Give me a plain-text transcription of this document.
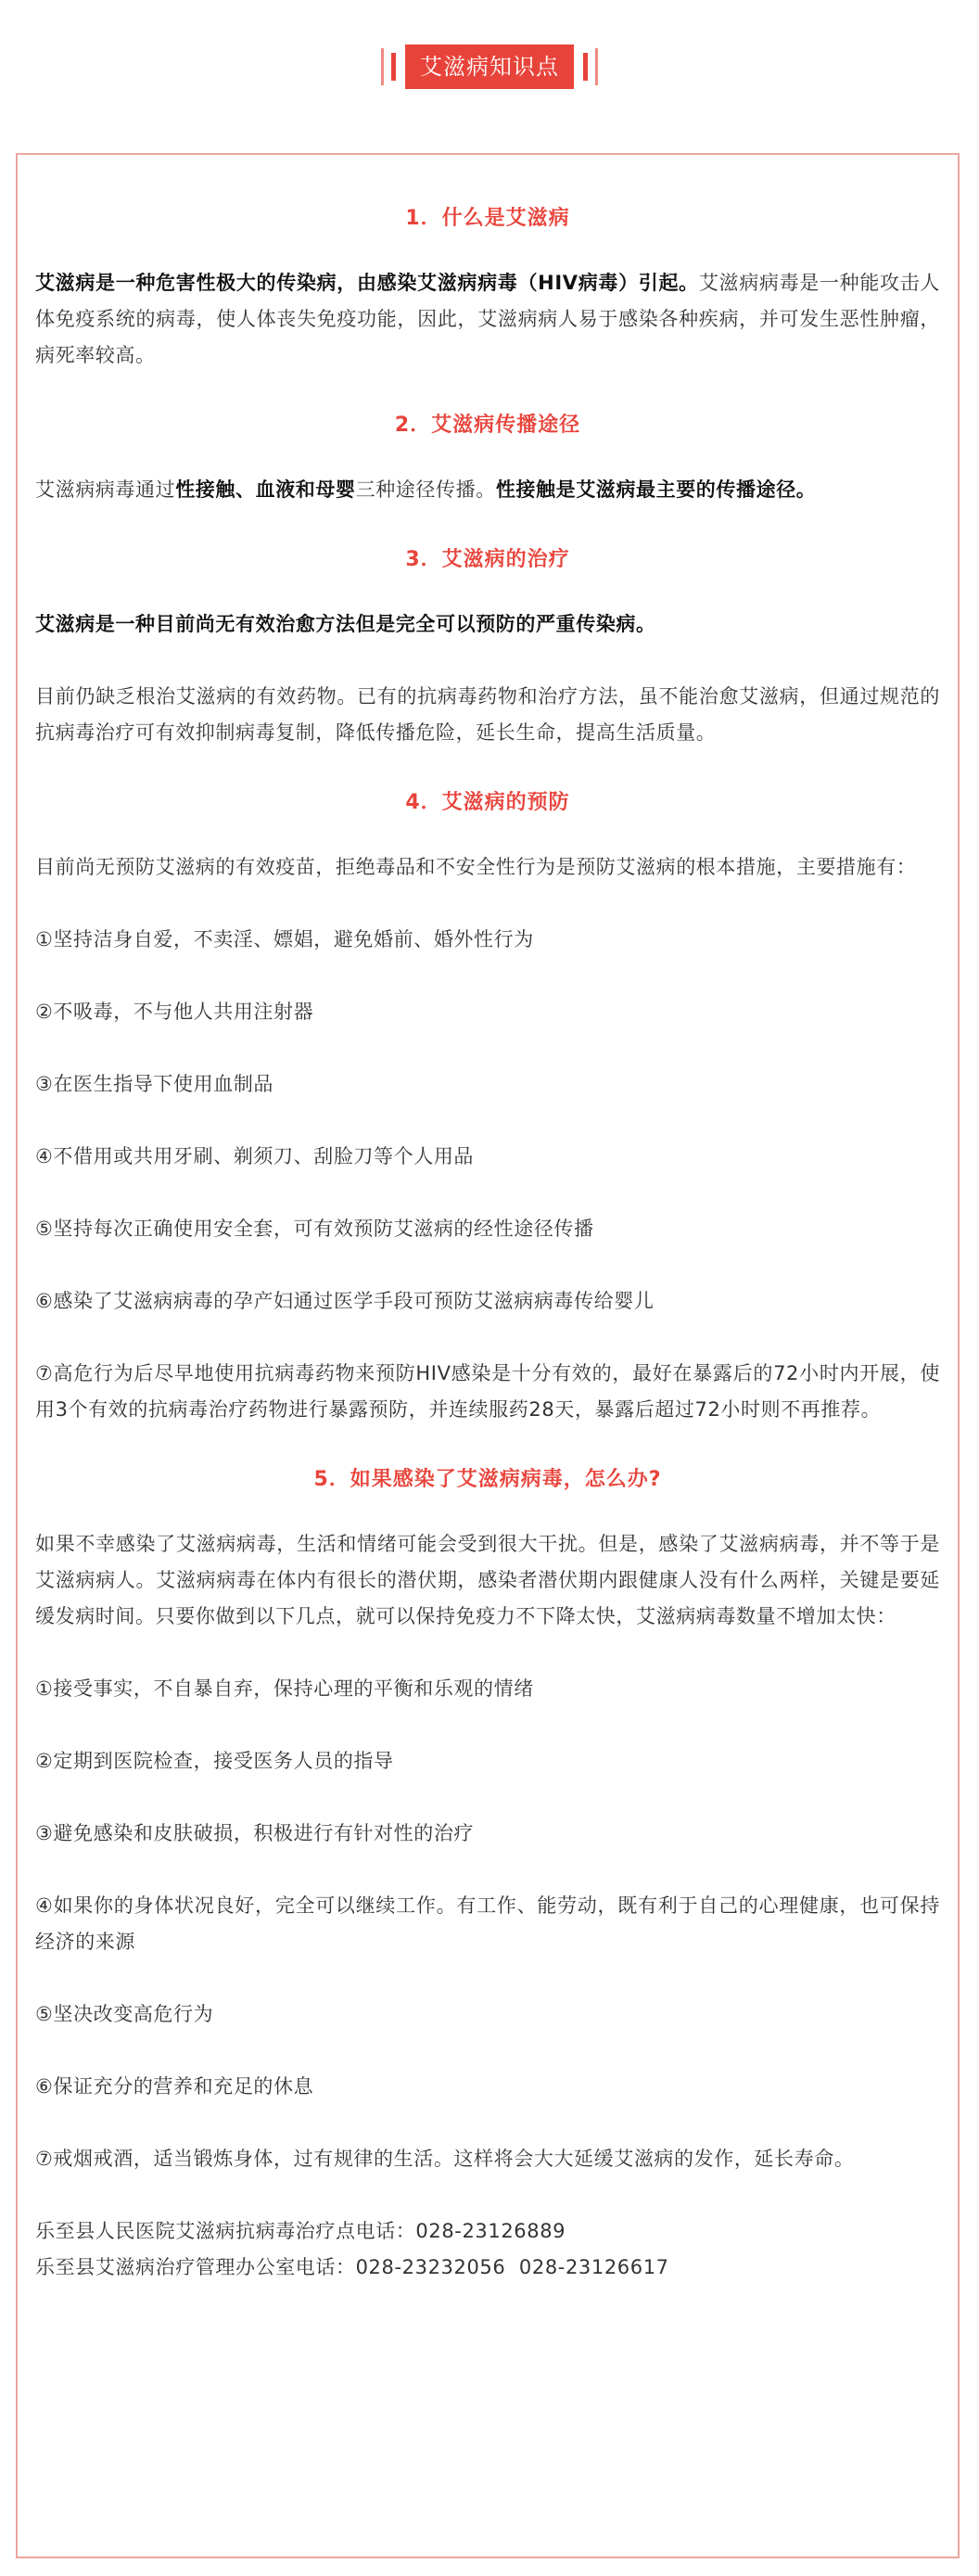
艾滋病知识点
1．什么是艾滋病

艾滋病是一种危害性极大的传染病，由感染艾滋病病毒（HIV病毒）引起。艾滋病病毒是一种能攻击人体免疫系统的病毒，使人体丧失免疫功能，因此，艾滋病病人易于感染各种疾病，并可发生恶性肿瘤，病死率较高。

2．艾滋病传播途径

艾滋病病毒通过性接触、血液和母婴三种途径传播。性接触是艾滋病最主要的传播途径。

3．艾滋病的治疗

艾滋病是一种目前尚无有效治愈方法但是完全可以预防的严重传染病。

目前仍缺乏根治艾滋病的有效药物。已有的抗病毒药物和治疗方法，虽不能治愈艾滋病，但通过规范的抗病毒治疗可有效抑制病毒复制，降低传播危险，延长生命，提高生活质量。

4．艾滋病的预防

目前尚无预防艾滋病的有效疫苗，拒绝毒品和不安全性行为是预防艾滋病的根本措施，主要措施有：

①坚持洁身自爱，不卖淫、嫖娼，避免婚前、婚外性行为

②不吸毒，不与他人共用注射器

③在医生指导下使用血制品

④不借用或共用牙刷、剃须刀、刮脸刀等个人用品

⑤坚持每次正确使用安全套，可有效预防艾滋病的经性途径传播

⑥感染了艾滋病病毒的孕产妇通过医学手段可预防艾滋病病毒传给婴儿

⑦高危行为后尽早地使用抗病毒药物来预防HIV感染是十分有效的，最好在暴露后的72小时内开展，使用3个有效的抗病毒治疗药物进行暴露预防，并连续服药28天，暴露后超过72小时则不再推荐。

5．如果感染了艾滋病病毒，怎么办?

如果不幸感染了艾滋病病毒，生活和情绪可能会受到很大干扰。但是，感染了艾滋病病毒，并不等于是艾滋病病人。艾滋病病毒在体内有很长的潜伏期，感染者潜伏期内跟健康人没有什么两样，关键是要延缓发病时间。只要你做到以下几点，就可以保持免疫力不下降太快，艾滋病病毒数量不增加太快：

①接受事实，不自暴自弃，保持心理的平衡和乐观的情绪

②定期到医院检查，接受医务人员的指导

③避免感染和皮肤破损，积极进行有针对性的治疗

④如果你的身体状况良好，完全可以继续工作。有工作、能劳动，既有利于自己的心理健康，也可保持经济的来源

⑤坚决改变高危行为

⑥保证充分的营养和充足的休息

⑦戒烟戒酒，适当锻炼身体，过有规律的生活。这样将会大大延缓艾滋病的发作，延长寿命。

乐至县人民医院艾滋病抗病毒治疗点电话：028-23126889

乐至县艾滋病治疗管理办公室电话：028-23232056  028-23126617
